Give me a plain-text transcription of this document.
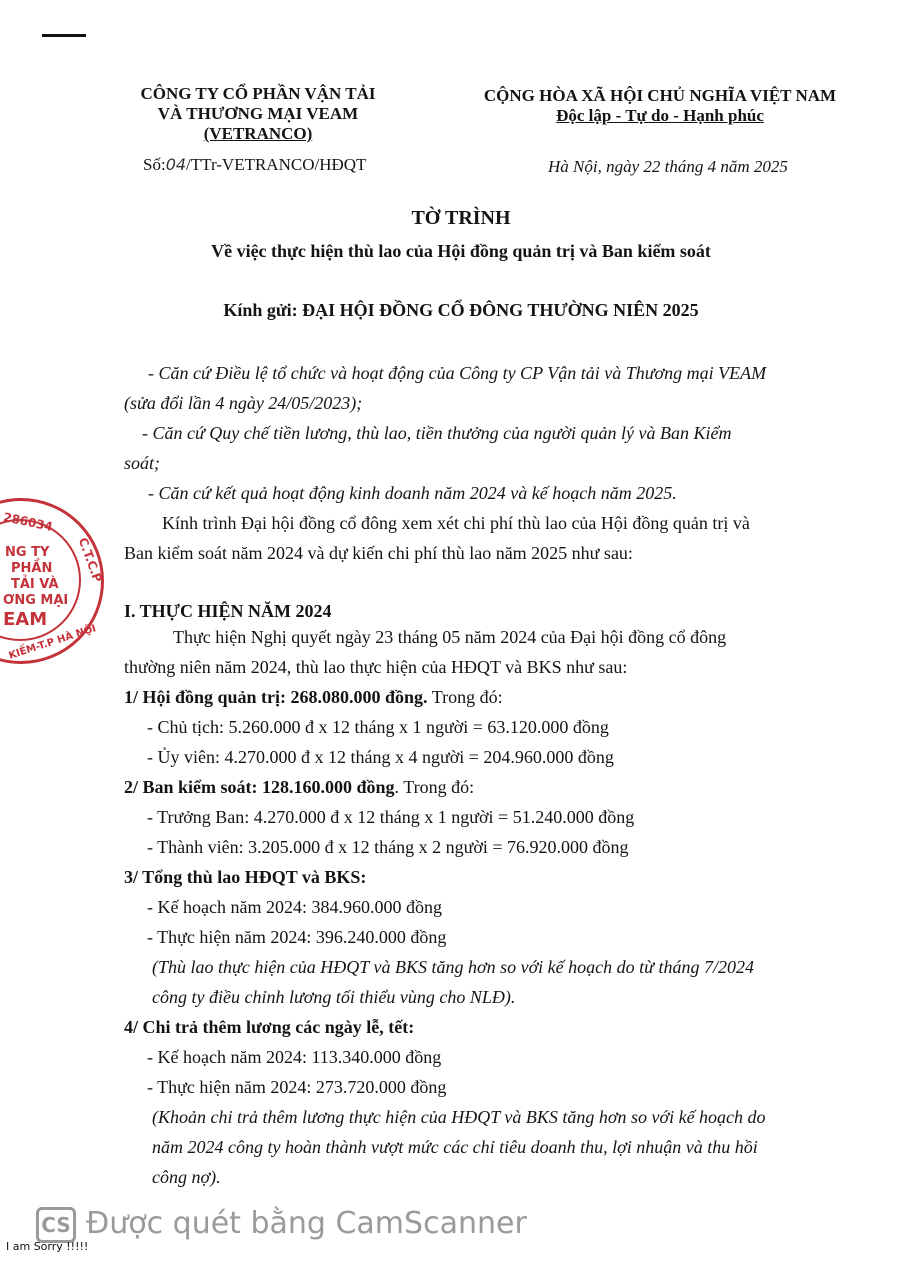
CÔNG TY CỔ PHẦN VẬN TẢI
VÀ THƯƠNG MẠI VEAM
(VETRANCO)
CỘNG HÒA XÃ HỘI CHỦ NGHĨA VIỆT NAM
Độc lập - Tự do - Hạnh phúc
Số:04/TTr-VETRANCO/HĐQT	Hà Nội, ngày 22 tháng 4 năm 2025
TỜ TRÌNH
Về việc thực hiện thù lao của Hội đồng quản trị và Ban kiểm soát
Kính gửi: ĐẠI HỘI ĐỒNG CỔ ĐÔNG THƯỜNG NIÊN 2025
- Căn cứ Điều lệ tổ chức và hoạt động của Công ty CP Vận tải và Thương mại VEAM
(sửa đổi lần 4 ngày 24/05/2023);
- Căn cứ Quy chế tiền lương, thù lao, tiền thưởng của người quản lý và Ban Kiểm
soát;
- Căn cứ kết quả hoạt động kinh doanh năm 2024 và kế hoạch năm 2025.
Kính trình Đại hội đồng cổ đông xem xét chi phí thù lao của Hội đồng quản trị và
Ban kiểm soát năm 2024 và dự kiến chi phí thù lao năm 2025 như sau:
286034
C.T.C.P
NG TY
PHẦN
TẢI VÀ
ƠNG MẠI
EAM
KIẾM-T.P HÀ NỘI
I. THỰC HIỆN NĂM 2024
Thực hiện Nghị quyết ngày 23 tháng 05 năm 2024 của Đại hội đồng cổ đông
thường niên năm 2024, thù lao thực hiện của HĐQT và BKS như sau:
1/ Hội đồng quản trị: 268.080.000 đồng. Trong đó:
- Chủ tịch: 5.260.000 đ x 12 tháng x 1 người = 63.120.000 đồng
- Ủy viên: 4.270.000 đ x 12 tháng x 4 người = 204.960.000 đồng
2/ Ban kiểm soát: 128.160.000 đồng. Trong đó:
- Trưởng Ban: 4.270.000 đ x 12 tháng x 1 người = 51.240.000 đồng
- Thành viên: 3.205.000 đ x 12 tháng x 2 người = 76.920.000 đồng
3/ Tổng thù lao HĐQT và BKS:
- Kế hoạch năm 2024: 384.960.000 đồng
- Thực hiện năm 2024: 396.240.000 đồng
(Thù lao thực hiện của HĐQT và BKS tăng hơn so với kế hoạch do từ tháng 7/2024
công ty điều chỉnh lương tối thiểu vùng cho NLĐ).
4/ Chi trả thêm lương các ngày lễ, tết:
- Kế hoạch năm 2024: 113.340.000 đồng
- Thực hiện năm 2024: 273.720.000 đồng
(Khoản chi trả thêm lương thực hiện của HĐQT và BKS tăng hơn so với kế hoạch do
năm 2024 công ty hoàn thành vượt mức các chỉ tiêu doanh thu, lợi nhuận và thu hồi
công nợ).
CS Được quét bằng CamScanner
I am Sorry !!!!!
